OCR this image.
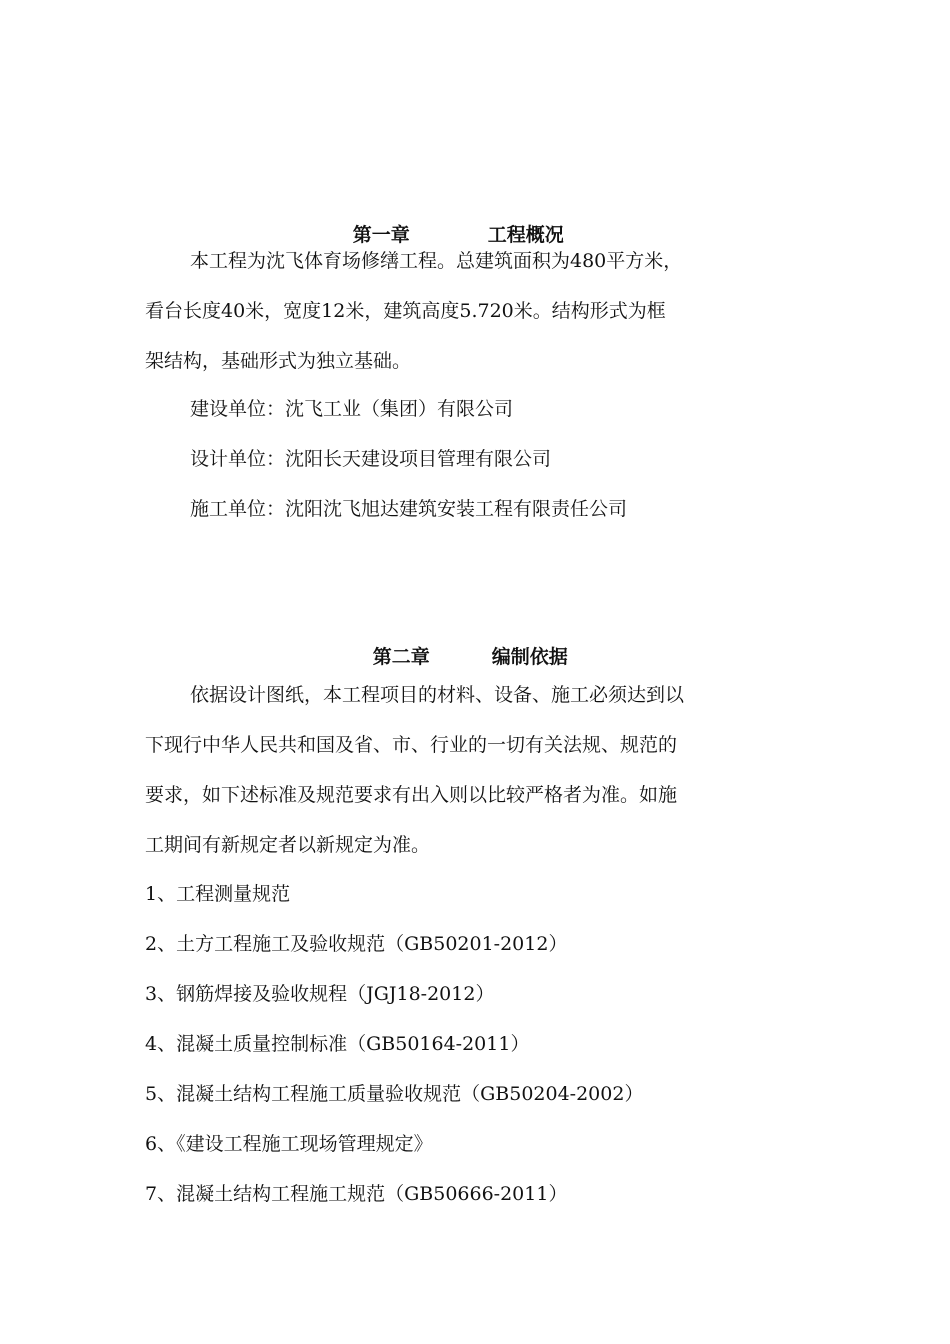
第一章	工程概况

本工程为沈飞体育场修缮工程。总建筑面积为480平方米，
看台长度40米，宽度12米，建筑高度5.720米。结构形式为框
架结构，基础形式为独立基础。
建设单位：沈飞工业（集团）有限公司
设计单位：沈阳长天建设项目管理有限公司
施工单位：沈阳沈飞旭达建筑安装工程有限责任公司

第二章	编制依据

依据设计图纸，本工程项目的材料、设备、施工必须达到以
下现行中华人民共和国及省、市、行业的一切有关法规、规范的
要求，如下述标准及规范要求有出入则以比较严格者为准。如施
工期间有新规定者以新规定为准。
1、工程测量规范
2、土方工程施工及验收规范（GB50201-2012）
3、钢筋焊接及验收规程（JGJ18-2012）
4、混凝土质量控制标准（GB50164-2011）
5、混凝土结构工程施工质量验收规范（GB50204-2002）
6、《建设工程施工现场管理规定》
7、混凝土结构工程施工规范（GB50666-2011）
